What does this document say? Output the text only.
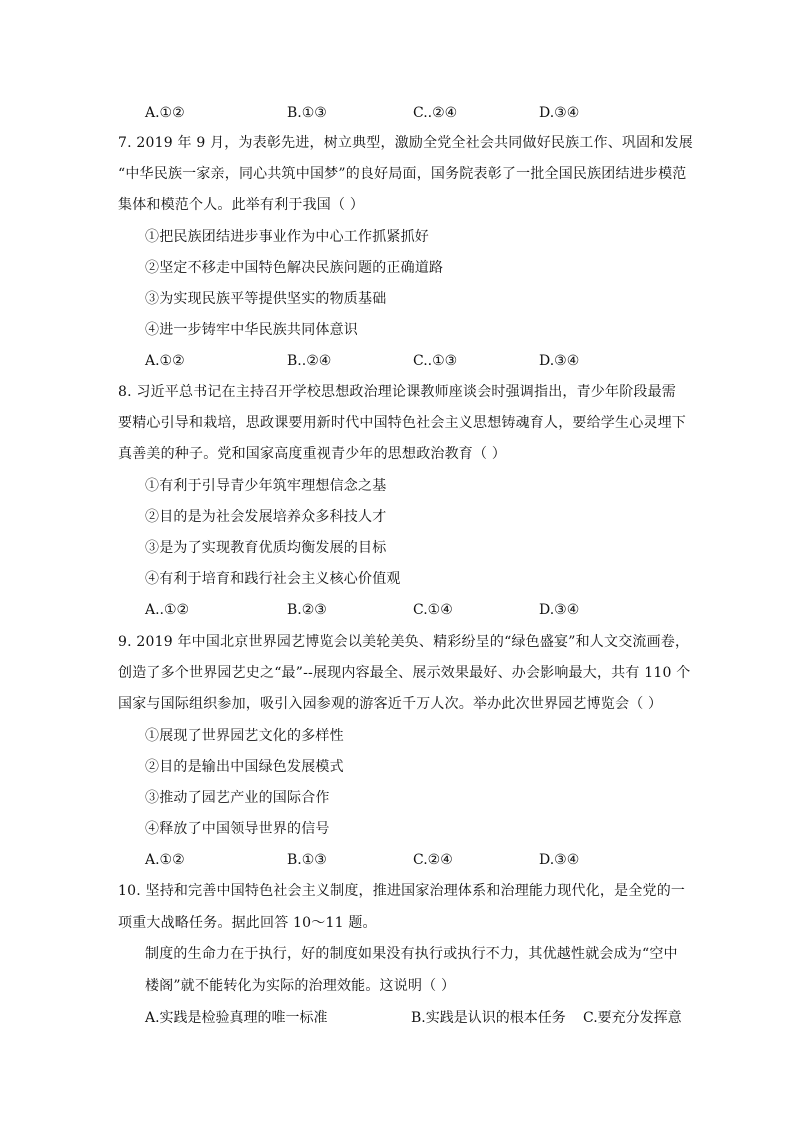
A.①②	B.①③	C..②④	D.③④
7. 2019 年 9 月，为表彰先进，树立典型，激励全党全社会共同做好民族工作、巩固和发展
“中华民族一家亲，同心共筑中国梦”的良好局面，国务院表彰了一批全国民族团结进步模范
集体和模范个人。此举有利于我国（ ）
①把民族团结进步事业作为中心工作抓紧抓好
②坚定不移走中国特色解决民族问题的正确道路
③为实现民族平等提供坚实的物质基础
④进一步铸牢中华民族共同体意识
A.①②	B..②④	C..①③	D.③④
8. 习近平总书记在主持召开学校思想政治理论课教师座谈会时强调指出，青少年阶段最需
要精心引导和栽培，思政课要用新时代中国特色社会主义思想铸魂育人，要给学生心灵埋下
真善美的种子。党和国家高度重视青少年的思想政治教育（ ）
①有利于引导青少年筑牢理想信念之基
②目的是为社会发展培养众多科技人才
③是为了实现教育优质均衡发展的目标
④有利于培育和践行社会主义核心价值观
A..①②	B.②③	C.①④	D.③④
9. 2019 年中国北京世界园艺博览会以美轮美奂、精彩纷呈的“绿色盛宴”和人文交流画卷，
创造了多个世界园艺史之“最”--展现内容最全、展示效果最好、办会影响最大，共有 110 个
国家与国际组织参加，吸引入园参观的游客近千万人次。举办此次世界园艺博览会（ ）
①展现了世界园艺文化的多样性
②目的是输出中国绿色发展模式
③推动了园艺产业的国际合作
④释放了中国领导世界的信号
A.①②	B.①③	C.②④	D.③④
10. 坚持和完善中国特色社会主义制度，推进国家治理体系和治理能力现代化，是全党的一
项重大战略任务。据此回答 10～11 题。
制度的生命力在于执行，好的制度如果没有执行或执行不力，其优越性就会成为“空中
楼阁”就不能转化为实际的治理效能。这说明（ ）
A.实践是检验真理的唯一标准	B.实践是认识的根本任务 C.要充分发挥意
